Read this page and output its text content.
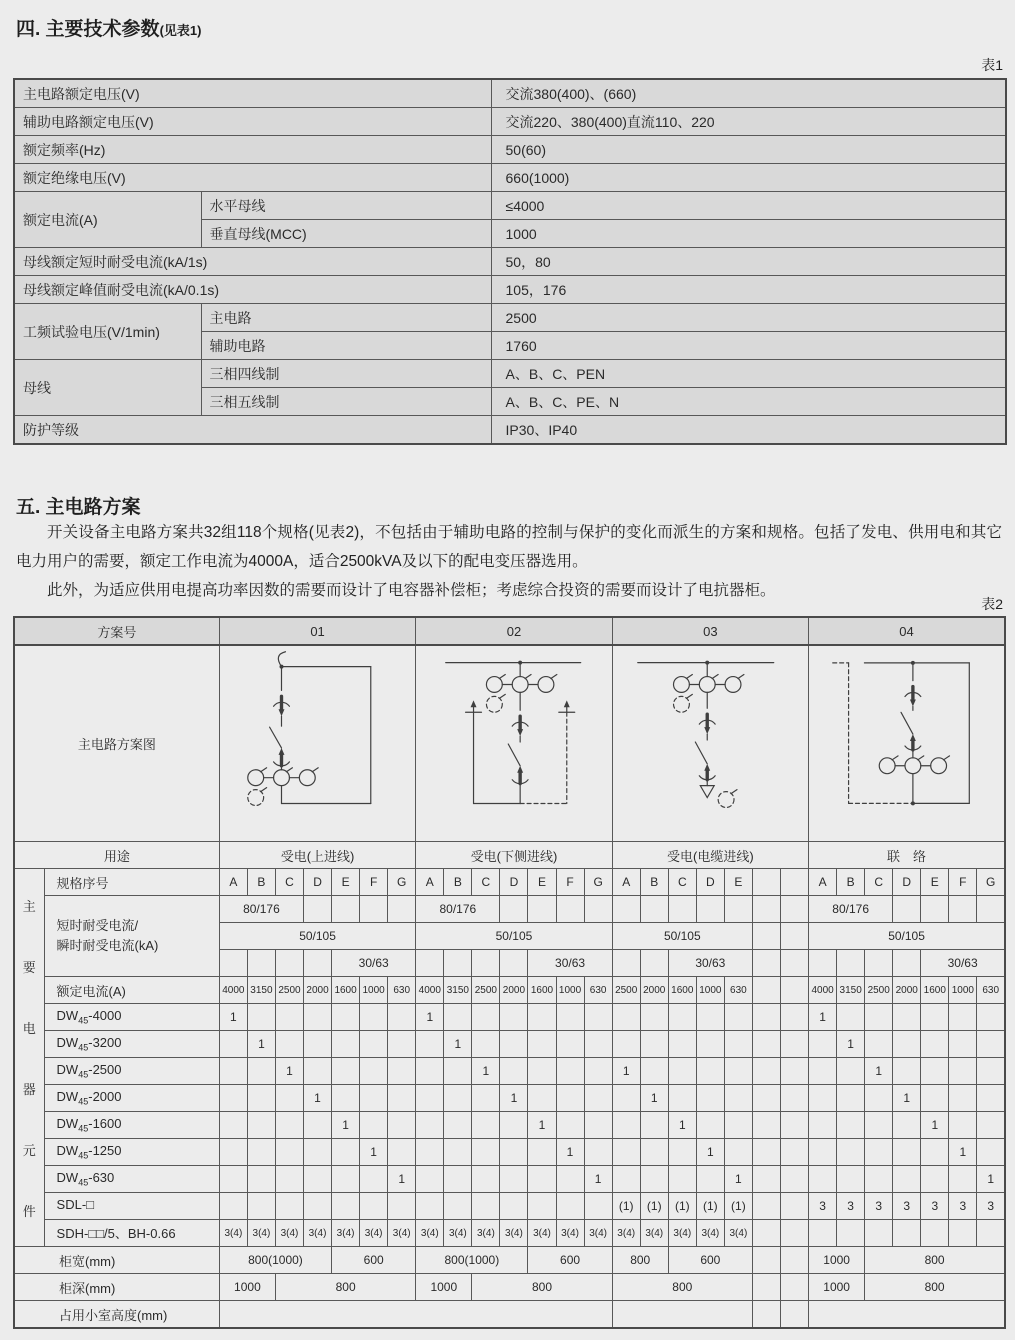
四. 主要技术参数(见表1)
表1
主电路额定电压(V)		交流380(400)、(660)
辅助电路额定电压(V)		交流220、380(400)直流110、220
额定频率(Hz)		50(60)
额定绝缘电压(V)		660(1000)
额定电流(A)	水平母线	≤4000
	垂直母线(MCC)	1000
母线额定短时耐受电流(kA/1s)		50，80
母线额定峰值耐受电流(kA/0.1s)		105，176
工频试验电压(V/1min)	主电路	2500
	辅助电路	1760
母线	三相四线制	A、B、C、PEN
	三相五线制	A、B、C、PE、N
防护等级		IP30、IP40
五. 主电路方案

开关设备主电路方案共32组118个规格(见表2)，不包括由于辅助电路的控制与保护的变化而派生的方案和规格。包括了发电、供用电和其它电力用户的需要，额定工作电流为4000A，适合2500kVA及以下的配电变压器选用。

此外，为适应供用电提高功率因数的需要而设计了电容器补偿柜；考虑综合投资的需要而设计了电抗器柜。

表2
方案号		01							02							03							04						
主电路方案图				
用途		受电(上进线)							受电(下侧进线)							受电(电缆进线)							联　络						

主
要
电
器
元
件
	规格序号	A	B	C	D	E	F	G	A	B	C	D	E	F	G	A	B	C	D	E			A	B	C	D	E	F	G

	短时耐受电流/
瞬时耐受电流(kA)	80/176							80/176														80/176						
		50/105							50/105							50/105							50/105						
						30/63							30/63					30/63									30/63		
	额定电流(A)	4000	3150	2500	2000	1600	1000	630	4000	3150	2500	2000	1600	1000	630	2500	2000	1600	1000	630			4000	3150	2500	2000	1600	1000	630
	$DW_{45}-4000$	1							1														1						
	$DW_{45}-3200$		1							1														1					
	$DW_{45}-2500$			1							1					1									1				
	$DW_{45}-2000$				1							1					1									1			
	$DW_{45}-1600$					1							1					1									1		
	$DW_{45}-1250$						1							1					1									1	
	$DW_{45}-630$							1							1					1									1
	SDL-□															(1)	(1)	(1)	(1)	(1)			3	3	3	3	3	3	3
	SDH-□□/5、BH-0.66	3(4)	3(4)	3(4)	3(4)	3(4)	3(4)	3(4)	3(4)	3(4)	3(4)	3(4)	3(4)	3(4)	3(4)	3(4)	3(4)	3(4)	3(4)	3(4)									
柜宽(mm)		800(1000)				600			800(1000)				600			800		600					1000		800				
柜深(mm)		1000		800					1000		800					800							1000		800				
占用小室高度(mm)																													
